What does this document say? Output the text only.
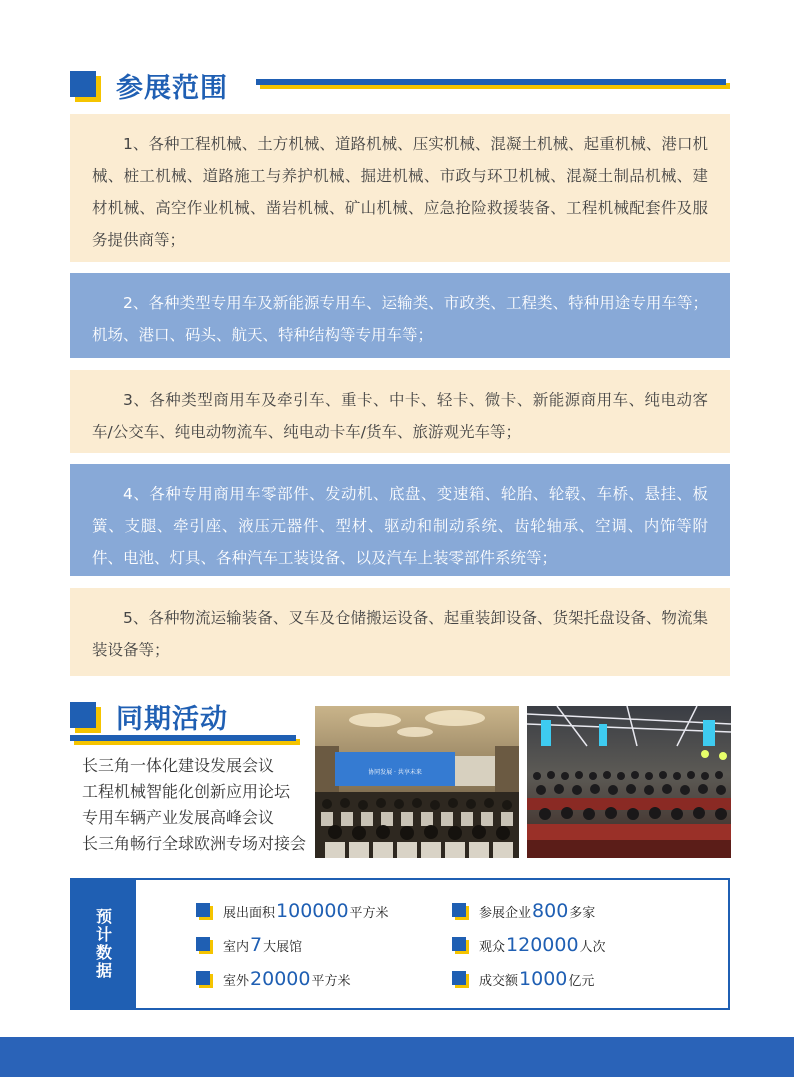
参展范围
1、各种工程机械、土方机械、道路机械、压实机械、混凝土机械、起重机械、港口机械、桩工机械、道路施工与养护机械、掘进机械、市政与环卫机械、混凝土制品机械、建材机械、高空作业机械、凿岩机械、矿山机械、应急抢险救援装备、工程机械配套件及服务提供商等；
2、各种类型专用车及新能源专用车、运输类、市政类、工程类、特种用途专用车等；机场、港口、码头、航天、特种结构等专用车等；
3、各种类型商用车及牵引车、重卡、中卡、轻卡、微卡、新能源商用车、纯电动客车/公交车、纯电动物流车、纯电动卡车/货车、旅游观光车等；
4、各种专用商用车零部件、发动机、底盘、变速箱、轮胎、轮毂、车桥、悬挂、板簧、支腿、牵引座、液压元器件、型材、驱动和制动系统、齿轮轴承、空调、内饰等附件、电池、灯具、各种汽车工装设备、以及汽车上装零部件系统等；
5、各种物流运输装备、叉车及仓储搬运设备、起重装卸设备、货架托盘设备、物流集装设备等；
同期活动
长三角一体化建设发展会议
工程机械智能化创新应用论坛
专用车辆产业发展高峰会议
长三角畅行全球欧洲专场对接会
协同发展 · 共享未来
预计数据
展出面积 100000 平方米	参展企业 800 多家
室内 7 大展馆	观众 120000 人次
室外 20000 平方米	成交额 1000 亿元
